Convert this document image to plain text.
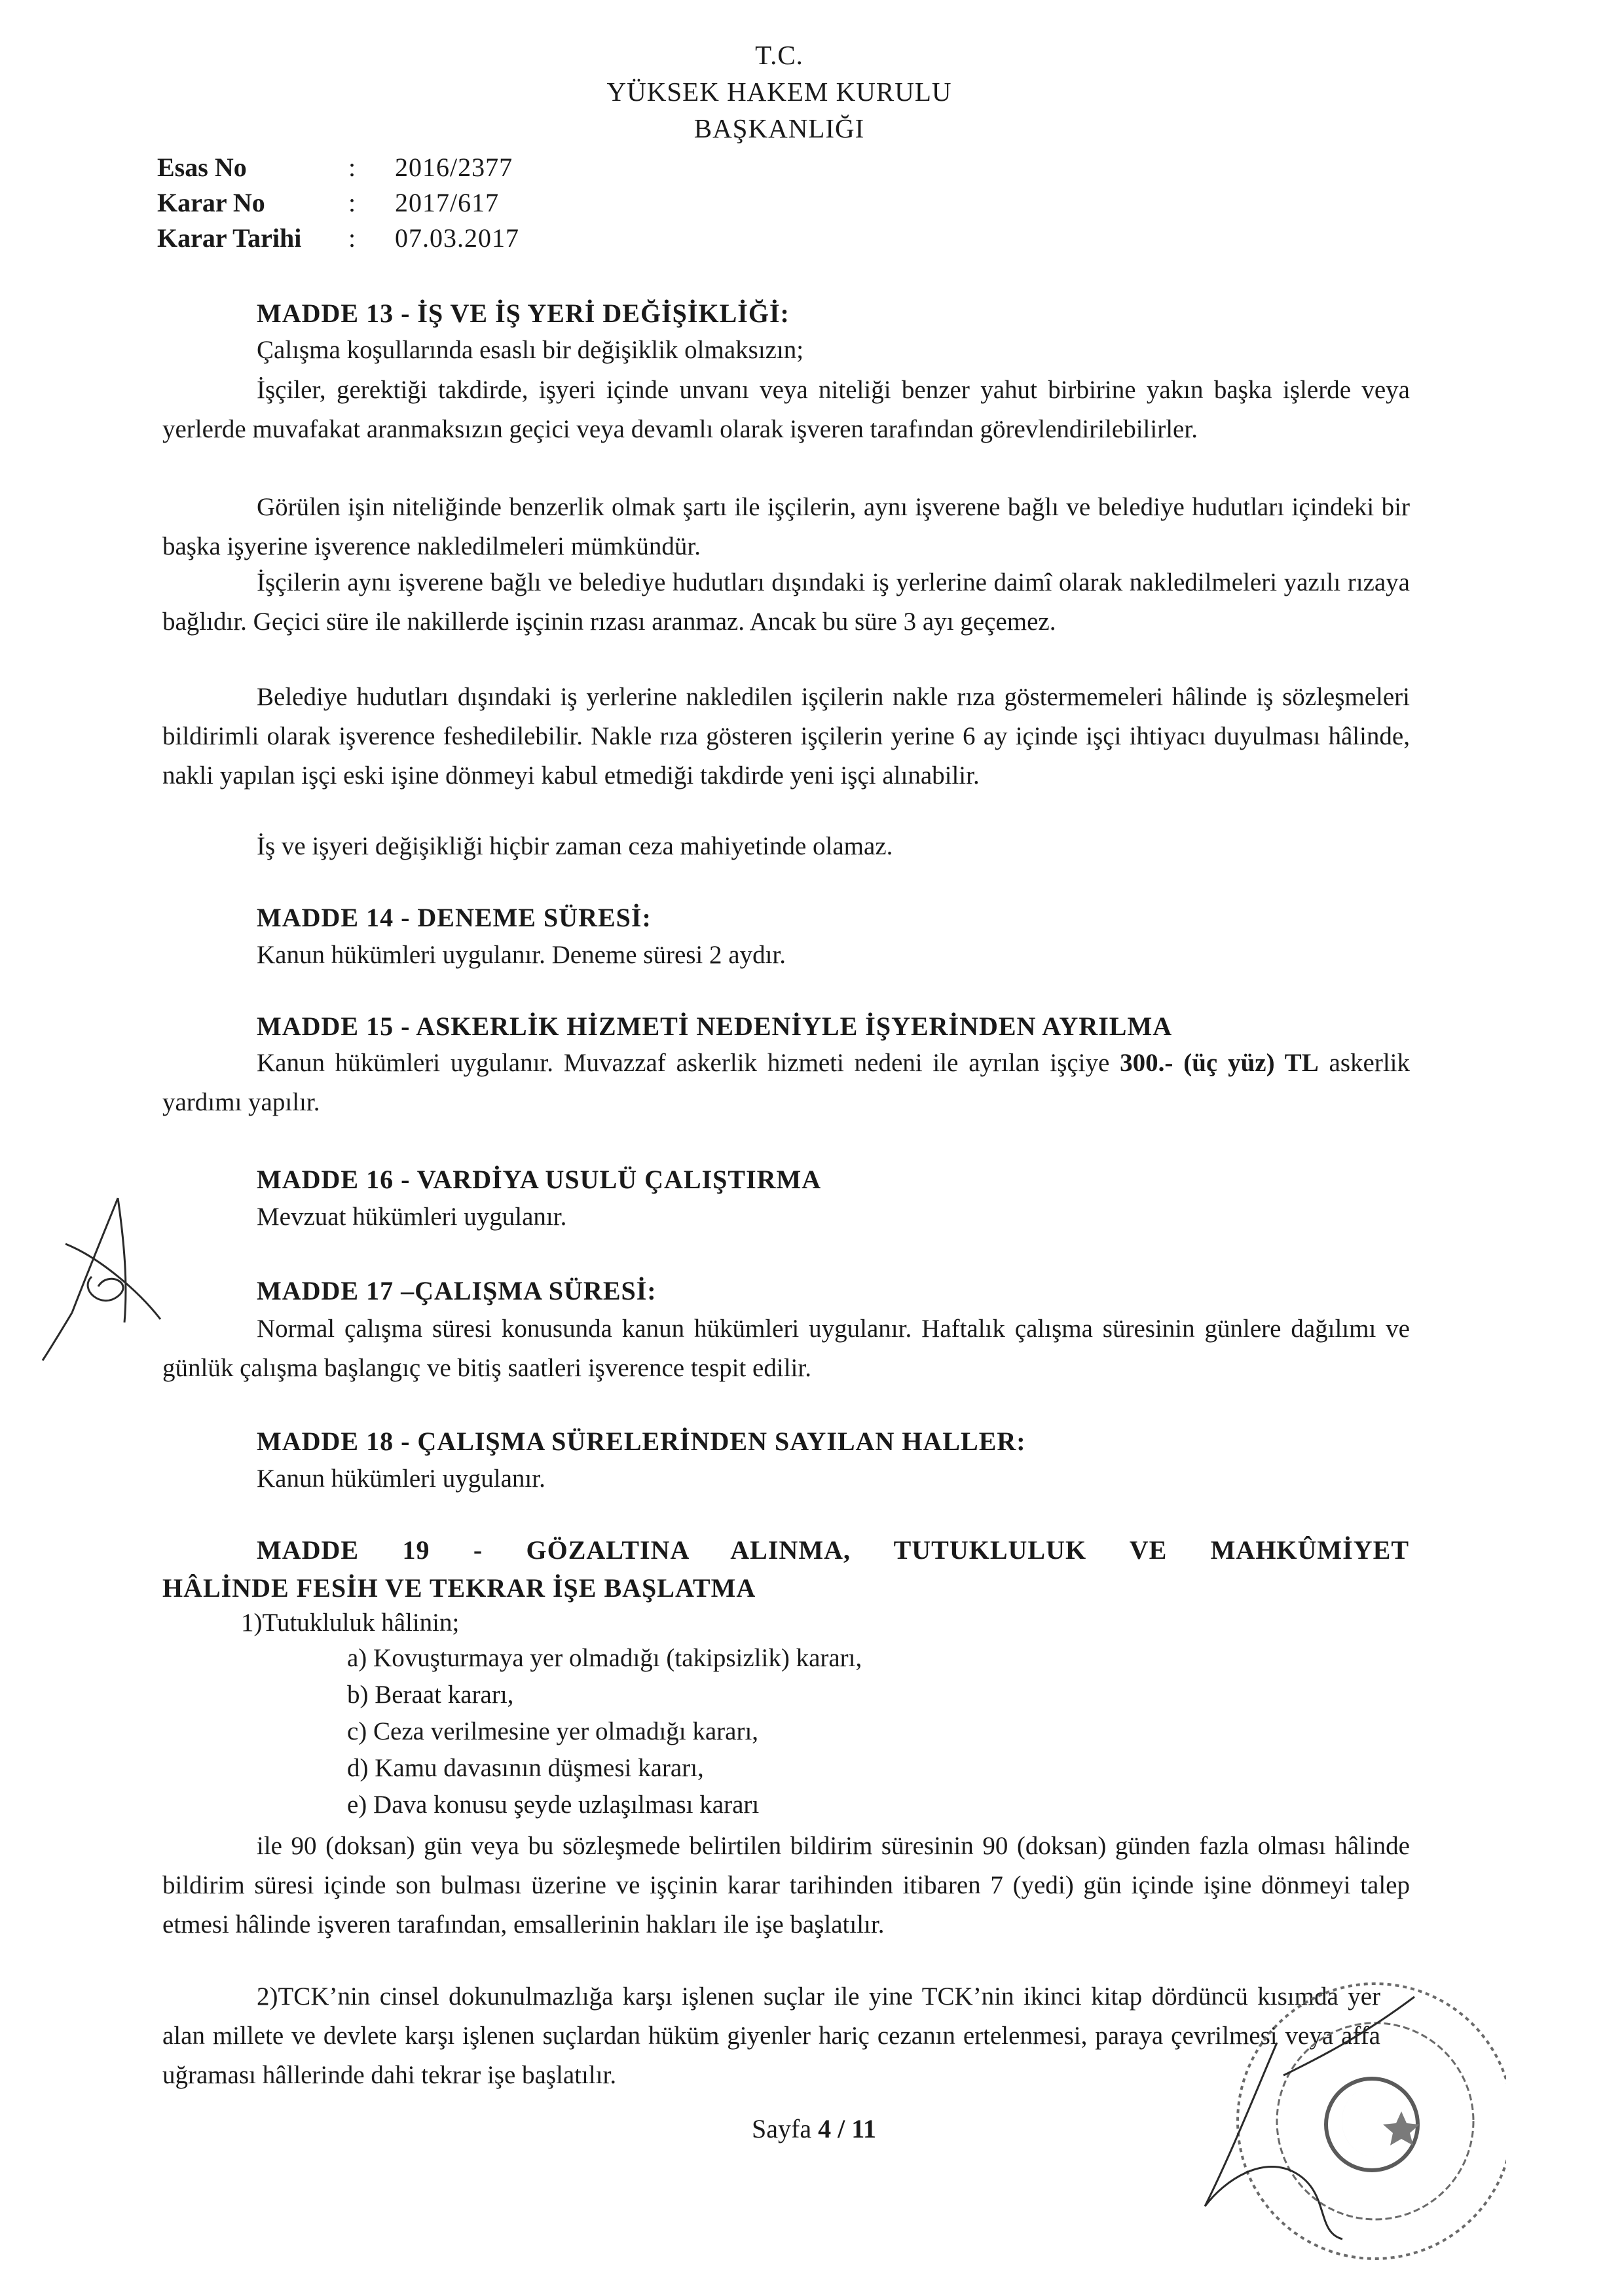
T.C.
YÜKSEK HAKEM KURULU
BAŞKANLIĞI
Esas No	: 2016/2377
Karar No	: 2017/617
Karar Tarihi : 07.03.2017
MADDE 13 - İŞ VE İŞ YERİ DEĞİŞİKLİĞİ:
Çalışma koşullarında esaslı bir değişiklik olmaksızın;
İşçiler, gerektiği takdirde, işyeri içinde unvanı veya niteliği benzer yahut birbirine yakın başka işlerde veya yerlerde muvafakat aranmaksızın geçici veya devamlı olarak işveren tarafından görevlendirilebilirler.
Görülen işin niteliğinde benzerlik olmak şartı ile işçilerin, aynı işverene bağlı ve belediye hudutları içindeki bir başka işyerine işverence nakledilmeleri mümkündür.
İşçilerin aynı işverene bağlı ve belediye hudutları dışındaki iş yerlerine daimî olarak nakledilmeleri yazılı rızaya bağlıdır. Geçici süre ile nakillerde işçinin rızası aranmaz. Ancak bu süre 3 ayı geçemez.
Belediye hudutları dışındaki iş yerlerine nakledilen işçilerin nakle rıza göstermemeleri hâlinde iş sözleşmeleri bildirimli olarak işverence feshedilebilir. Nakle rıza gösteren işçilerin yerine 6 ay içinde işçi ihtiyacı duyulması hâlinde, nakli yapılan işçi eski işine dönmeyi kabul etmediği takdirde yeni işçi alınabilir.
İş ve işyeri değişikliği hiçbir zaman ceza mahiyetinde olamaz.
MADDE 14 - DENEME SÜRESİ:
Kanun hükümleri uygulanır. Deneme süresi 2 aydır.
MADDE 15 - ASKERLİK HİZMETİ NEDENİYLE İŞYERİNDEN AYRILMA
Kanun hükümleri uygulanır. Muvazzaf askerlik hizmeti nedeni ile ayrılan işçiye 300.- (üç yüz) TL askerlik yardımı yapılır.
MADDE 16 - VARDİYA USULÜ ÇALIŞTIRMA
Mevzuat hükümleri uygulanır.
MADDE 17 –ÇALIŞMA SÜRESİ:
Normal çalışma süresi konusunda kanun hükümleri uygulanır. Haftalık çalışma süresinin günlere dağılımı ve günlük çalışma başlangıç ve bitiş saatleri işverence tespit edilir.
MADDE 18 - ÇALIŞMA SÜRELERİNDEN SAYILAN HALLER:
Kanun hükümleri uygulanır.
MADDE 19 - GÖZALTINA ALINMA, TUTUKLULUK VE MAHKÛMİYET
HÂLİNDE FESİH VE TEKRAR İŞE BAŞLATMA
1)Tutukluluk hâlinin;
a) Kovuşturmaya yer olmadığı (takipsizlik) kararı,
b) Beraat kararı,
c) Ceza verilmesine yer olmadığı kararı,
d) Kamu davasının düşmesi kararı,
e) Dava konusu şeyde uzlaşılması kararı
ile 90 (doksan) gün veya bu sözleşmede belirtilen bildirim süresinin 90 (doksan) günden fazla olması hâlinde bildirim süresi içinde son bulması üzerine ve işçinin karar tarihinden itibaren 7 (yedi) gün içinde işine dönmeyi talep etmesi hâlinde işveren tarafından, emsallerinin hakları ile işe başlatılır.
2)TCK’nin cinsel dokunulmazlığa karşı işlenen suçlar ile yine TCK’nin ikinci kitap dördüncü kısımda yer alan millete ve devlete karşı işlenen suçlardan hüküm giyenler hariç cezanın ertelenmesi, paraya çevrilmesi veya affa uğraması hâllerinde dahi tekrar işe başlatılır.
Sayfa 4 / 11
